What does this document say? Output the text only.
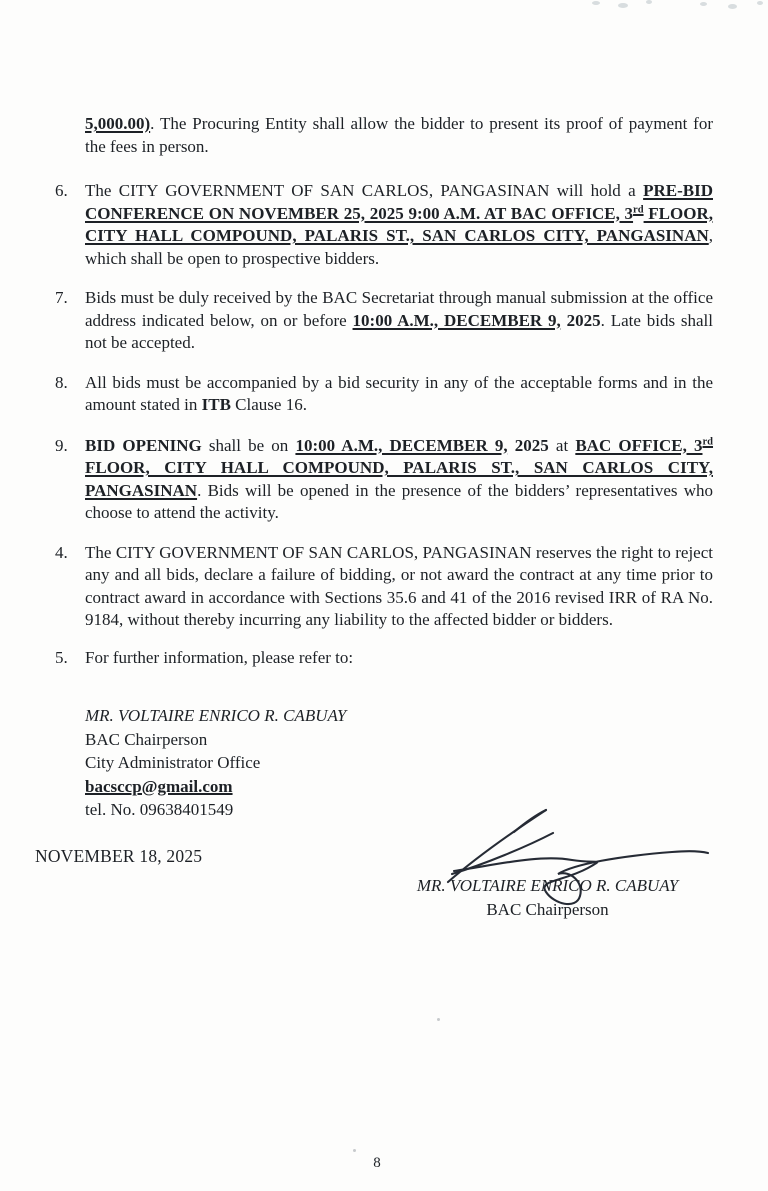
5,000.00). The Procuring Entity shall allow the bidder to present its proof of payment for the fees in person.

6.	The CITY GOVERNMENT OF SAN CARLOS, PANGASINAN will hold a PRE-BID CONFERENCE ON NOVEMBER 25, 2025 9:00 A.M. AT BAC OFFICE, 3rd FLOOR, CITY HALL COMPOUND, PALARIS ST., SAN CARLOS CITY, PANGASINAN, which shall be open to prospective bidders.
7.	Bids must be duly received by the BAC Secretariat through manual submission at the office address indicated below, on or before 10:00 A.M., DECEMBER 9, 2025. Late bids shall not be accepted.
8.	All bids must be accompanied by a bid security in any of the acceptable forms and in the amount stated in ITB Clause 16.
9.	BID OPENING shall be on 10:00 A.M., DECEMBER 9, 2025 at BAC OFFICE, 3rd FLOOR, CITY HALL COMPOUND, PALARIS ST., SAN CARLOS CITY, PANGASINAN. Bids will be opened in the presence of the bidders’ representatives who choose to attend the activity.
4.	The CITY GOVERNMENT OF SAN CARLOS, PANGASINAN reserves the right to reject any and all bids, declare a failure of bidding, or not award the contract at any time prior to contract award in accordance with Sections 35.6 and 41 of the 2016 revised IRR of RA No. 9184, without thereby incurring any liability to the affected bidder or bidders.
5.	For further information, please refer to:
MR. VOLTAIRE ENRICO R. CABUAY
BAC Chairperson
City Administrator Office
bacsccp@gmail.com
tel. No. 09638401549
NOVEMBER 18, 2025
MR. VOLTAIRE ENRICO R. CABUAY
BAC Chairperson
8
